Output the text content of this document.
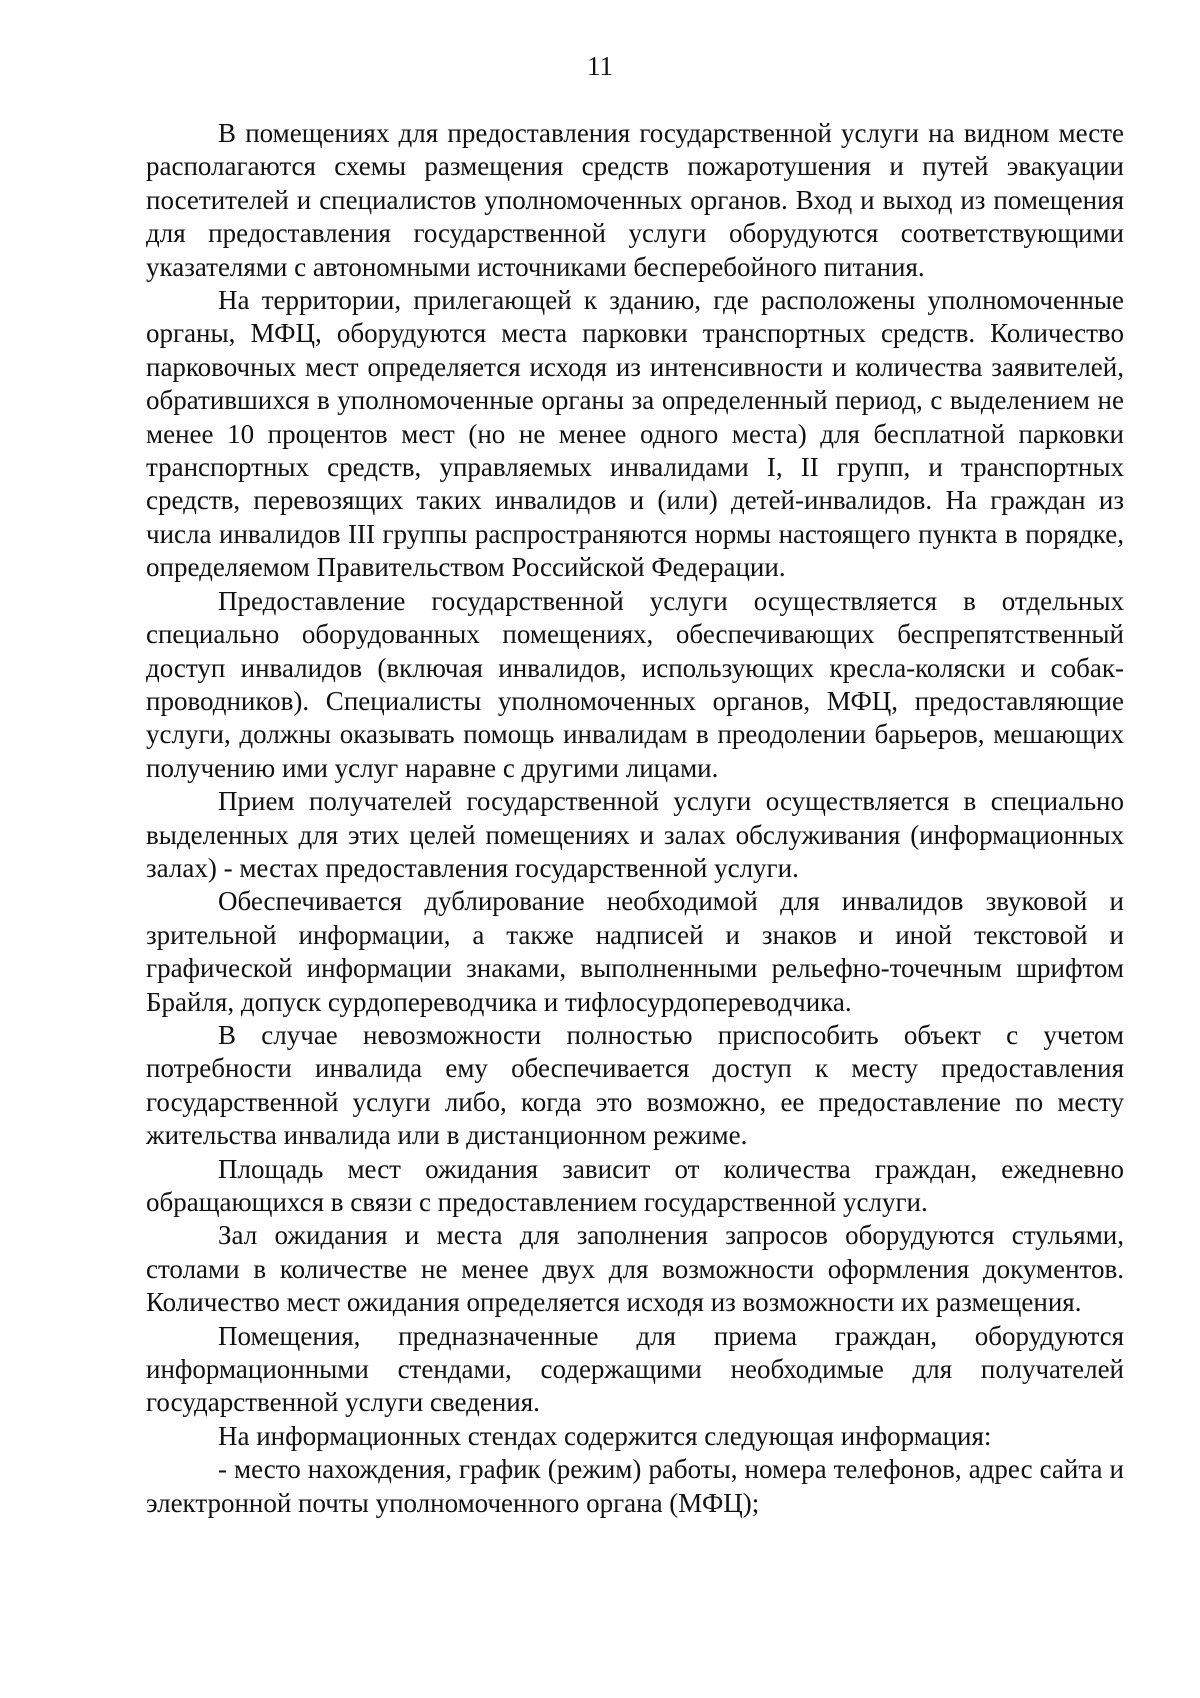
11

В помещениях для предоставления государственной услуги на видном месте располагаются схемы размещения средств пожаротушения и путей эвакуации посетителей и специалистов уполномоченных органов. Вход и выход из помещения для предоставления государственной услуги оборудуются соответствующими указателями с автономными источниками бесперебойного питания.

На территории, прилегающей к зданию, где расположены уполномоченные органы, МФЦ, оборудуются места парковки транспортных средств. Количество парковочных мест определяется исходя из интенсивности и количества заявителей, обратившихся в уполномоченные органы за определенный период, с выделением не менее 10 процентов мест (но не менее одного места) для бесплатной парковки транспортных средств, управляемых инвалидами I, II групп, и транспортных средств, перевозящих таких инвалидов и (или) детей-инвалидов. На граждан из числа инвалидов III группы распространяются нормы настоящего пункта в порядке, определяемом Правительством Российской Федерации.

Предоставление государственной услуги осуществляется в отдельных специально оборудованных помещениях, обеспечивающих беспрепятственный доступ инвалидов (включая инвалидов, использующих кресла-коляски и собак-проводников). Специалисты уполномоченных органов, МФЦ, предоставляющие услуги, должны оказывать помощь инвалидам в преодолении барьеров, мешающих получению ими услуг наравне с другими лицами.

Прием получателей государственной услуги осуществляется в специально выделенных для этих целей помещениях и залах обслуживания (информационных залах) - местах предоставления государственной услуги.

Обеспечивается дублирование необходимой для инвалидов звуковой и зрительной информации, а также надписей и знаков и иной текстовой и графической информации знаками, выполненными рельефно-точечным шрифтом Брайля, допуск сурдопереводчика и тифлосурдопереводчика.

В случае невозможности полностью приспособить объект с учетом потребности инвалида ему обеспечивается доступ к месту предоставления государственной услуги либо, когда это возможно, ее предоставление по месту жительства инвалида или в дистанционном режиме.

Площадь мест ожидания зависит от количества граждан, ежедневно обращающихся в связи с предоставлением государственной услуги.

Зал ожидания и места для заполнения запросов оборудуются стульями, столами в количестве не менее двух для возможности оформления документов. Количество мест ожидания определяется исходя из возможности их размещения.

Помещения, предназначенные для приема граждан, оборудуются информационными стендами, содержащими необходимые для получателей государственной услуги сведения.

На информационных стендах содержится следующая информация:

- место нахождения, график (режим) работы, номера телефонов, адрес сайта и электронной почты уполномоченного органа (МФЦ);
